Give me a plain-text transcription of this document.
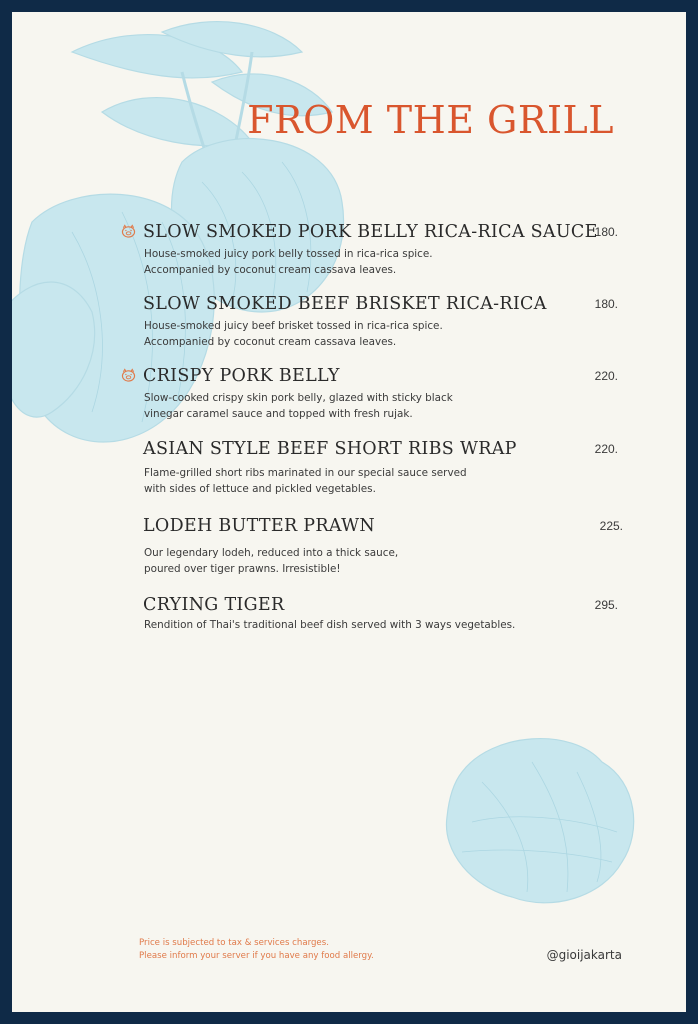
FROM THE GRILL
SLOW SMOKED PORK BELLY RICA-RICA SAUCE
180.

House-smoked juicy pork belly tossed in rica-rica spice.
Accompanied by coconut cream cassava leaves.

SLOW SMOKED BEEF BRISKET RICA-RICA	180.

House-smoked juicy beef brisket tossed in rica-rica spice.
Accompanied by coconut cream cassava leaves.

CRISPY PORK BELLY	220.

Slow-cooked crispy skin pork belly, glazed with sticky black
vinegar caramel sauce and topped with fresh rujak.

ASIAN STYLE BEEF SHORT RIBS WRAP	220.

Flame-grilled short ribs marinated in our special sauce served
with sides of lettuce and pickled vegetables.

LODEH BUTTER PRAWN	225.

Our legendary lodeh, reduced into a thick sauce,
poured over tiger prawns. Irresistible!

CRYING TIGER	295.

Rendition of Thai's traditional beef dish served with 3 ways vegetables.

Price is subjected to tax & services charges.
Please inform your server if you have any food allergy.	@gioijakarta
